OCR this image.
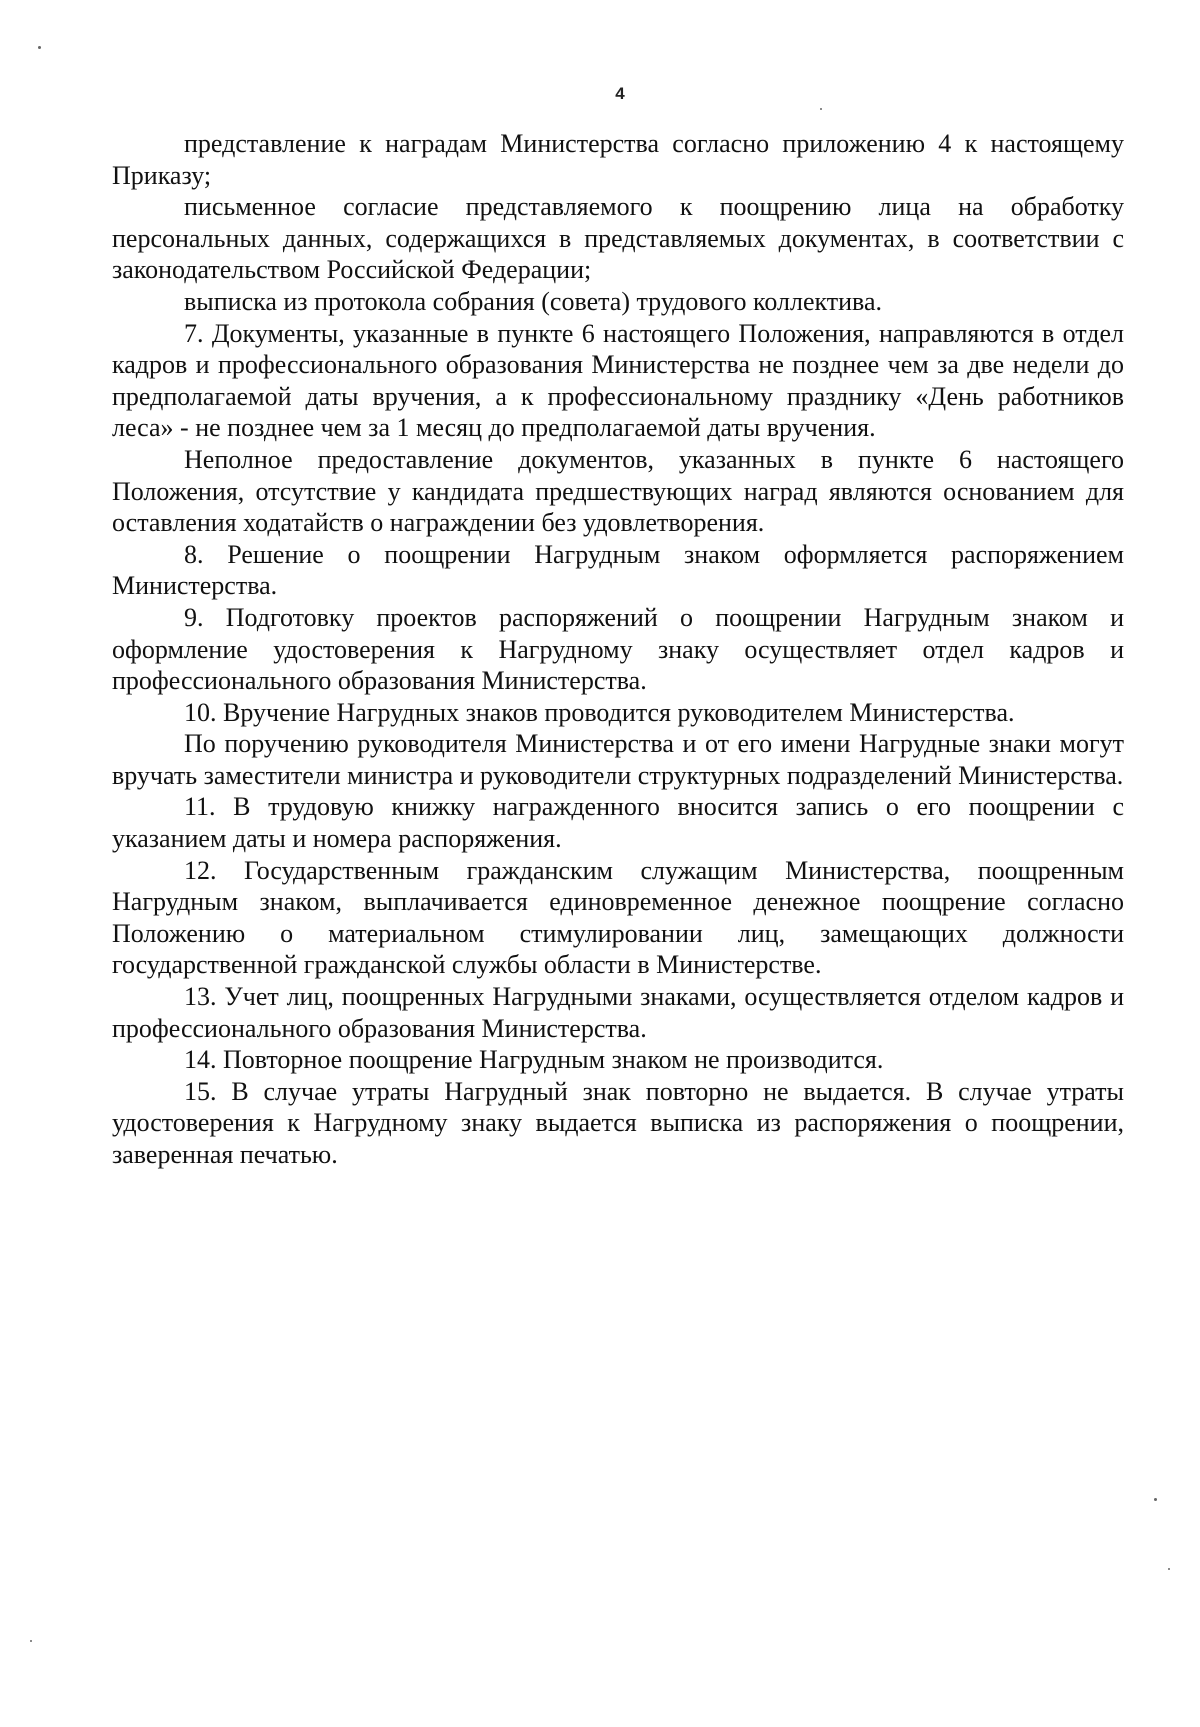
4

представление к наградам Министерства согласно приложению 4 к настоящему Приказу;

письменное согласие представляемого к поощрению лица на обработку персональных данных, содержащихся в представляемых документах, в соответствии с законодательством Российской Федерации;

выписка из протокола собрания (совета) трудового коллектива.

7. Документы, указанные в пункте 6 настоящего Положения, направляются в отдел кадров и профессионального образования Министерства не позднее чем за две недели до предполагаемой даты вручения, а к профессиональному празднику «День работников леса» - не позднее чем за 1 месяц до предполагаемой даты вручения.

Неполное предоставление документов, указанных в пункте 6 настоящего Положения, отсутствие у кандидата предшествующих наград являются основанием для оставления ходатайств о награждении без удовлетворения.

8. Решение о поощрении Нагрудным знаком оформляется распоряжением Министерства.

9. Подготовку проектов распоряжений о поощрении Нагрудным знаком и оформление удостоверения к Нагрудному знаку осуществляет отдел кадров и профессионального образования Министерства.

10. Вручение Нагрудных знаков проводится руководителем Министерства.

По поручению руководителя Министерства и от его имени Нагрудные знаки могут вручать заместители министра и руководители структурных подразделений Министерства.

11. В трудовую книжку награжденного вносится запись о его поощрении с указанием даты и номера распоряжения.

12. Государственным гражданским служащим Министерства, поощренным Нагрудным знаком, выплачивается единовременное денежное поощрение согласно Положению о материальном стимулировании лиц, замещающих должности государственной гражданской службы области в Министерстве.

13. Учет лиц, поощренных Нагрудными знаками, осуществляется отделом кадров и профессионального образования Министерства.

14. Повторное поощрение Нагрудным знаком не производится.

15. В случае утраты Нагрудный знак повторно не выдается. В случае утраты удостоверения к Нагрудному знаку выдается выписка из распоряжения о поощрении, заверенная печатью.
